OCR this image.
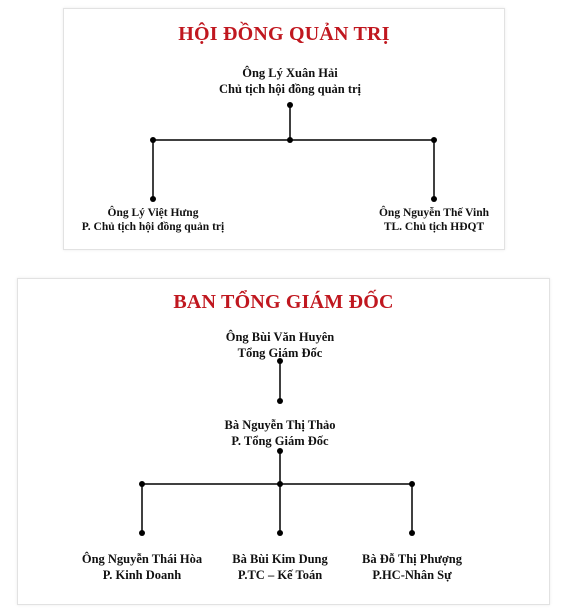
HỘI ĐỒNG QUẢN TRỊ
Ông Lý Xuân Hải
Chủ tịch hội đồng quản trị
Ông Lý Việt Hưng
P. Chủ tịch hội đồng quản trị
Ông Nguyễn Thế Vinh
TL. Chủ tịch HĐQT
BAN TỔNG GIÁM ĐỐC
Ông Bùi Văn Huyên
Tổng Giám Đốc
Bà Nguyễn Thị Thảo
P. Tổng Giám Đốc
Ông Nguyễn Thái Hòa
P. Kinh Doanh
Bà Bùi Kim Dung
P.TC – Kế Toán
Bà Đỗ Thị Phượng
P.HC-Nhân Sự
